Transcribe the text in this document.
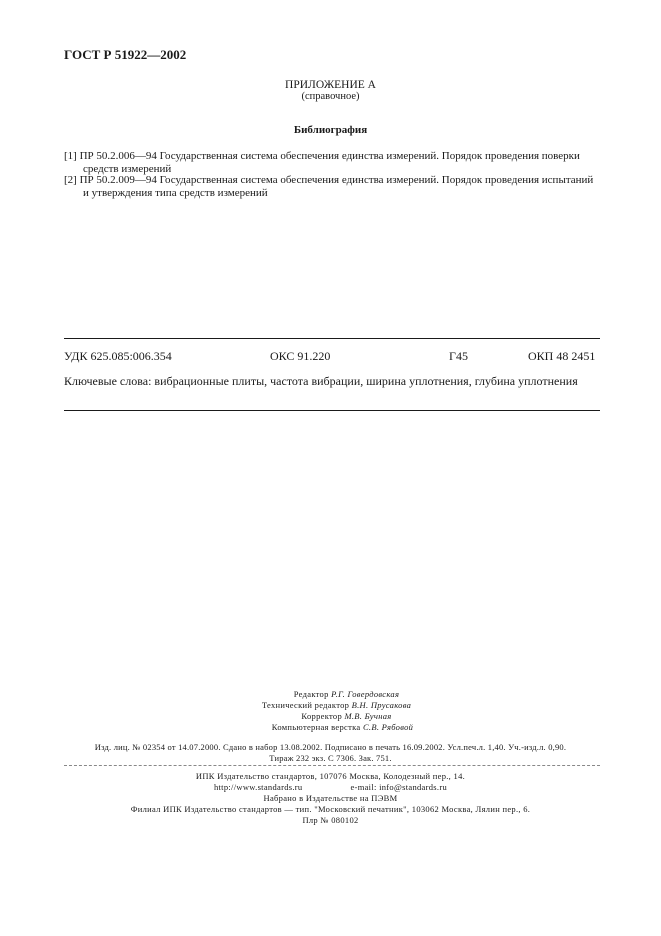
ГОСТ Р 51922—2002
ПРИЛОЖЕНИЕ А
(справочное)
Библиография
[1] ПР 50.2.006—94 Государственная система обеспечения единства измерений. Порядок проведения поверки
средств измерений
[2] ПР 50.2.009—94 Государственная система обеспечения единства измерений. Порядок проведения испытаний
и утверждения типа средств измерений
УДК 625.085:006.354	ОКС 91.220	Г45	ОКП 48 2451
Ключевые слова: вибрационные плиты, частота вибрации, ширина уплотнения, глубина уплотнения
Редактор Р.Г. Говердовская
Технический редактор В.Н. Прусакова
Корректор М.В. Бучная
Компьютерная верстка С.В. Рябовой
Изд. лиц. № 02354 от 14.07.2000. Сдано в набор 13.08.2002. Подписано в печать 16.09.2002. Усл.печ.л. 1,40. Уч.-изд.л. 0,90.
Тираж 232 экз. С 7306. Зак. 751.
ИПК Издательство стандартов, 107076 Москва, Колодезный пер., 14.
http://www.standards.ru	e-mail: info@standards.ru
Набрано в Издательстве на ПЭВМ
Филиал ИПК Издательство стандартов — тип. "Московский печатник", 103062 Москва, Лялин пер., 6.
Плр № 080102
